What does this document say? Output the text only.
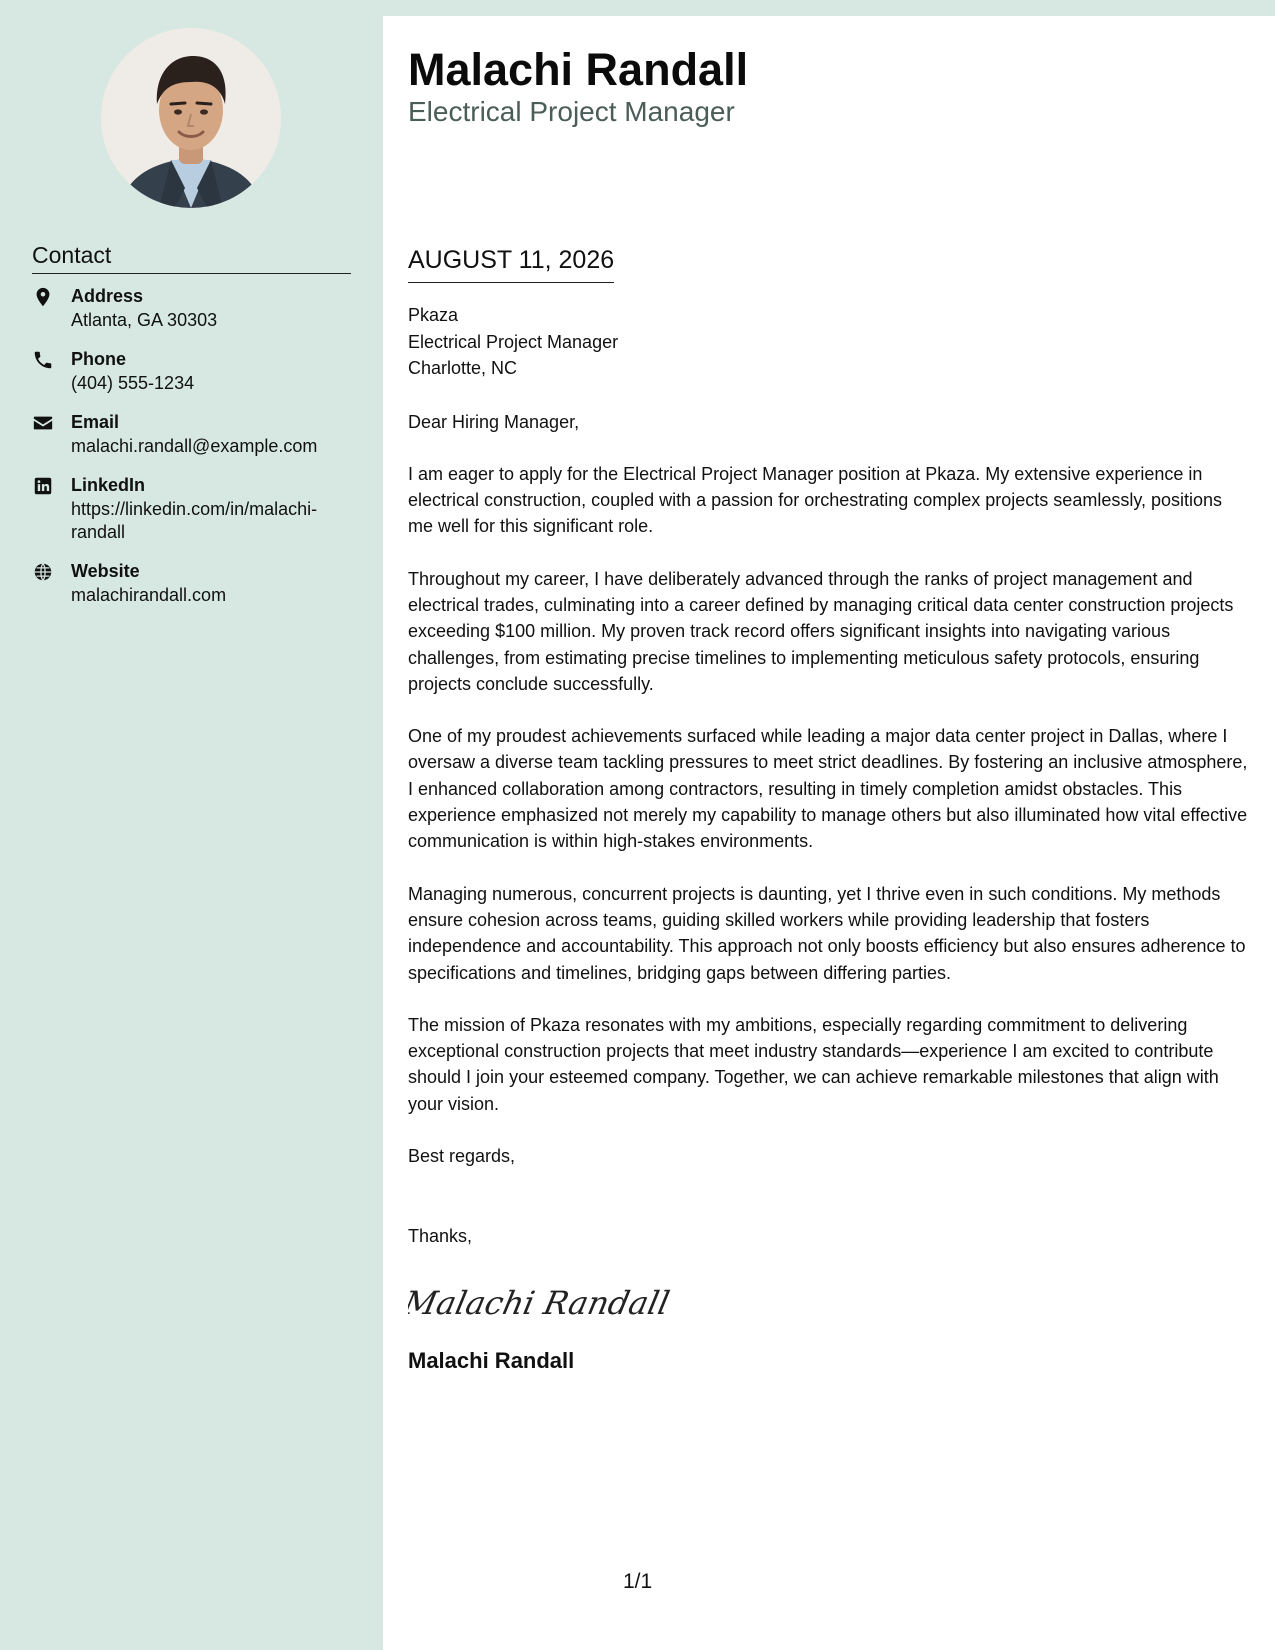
Contact
Address
Atlanta, GA 30303
Phone
(404) 555-1234
Email
malachi.randall@example.com
LinkedIn
https://linkedin.com/in/malachi-randall
Website
malachirandall.com
Malachi Randall
Electrical Project Manager
AUGUST 11, 2026
Pkaza
Electrical Project Manager
Charlotte, NC
Dear Hiring Manager,

I am eager to apply for the Electrical Project Manager position at Pkaza. My extensive experience in electrical construction, coupled with a passion for orchestrating complex projects seamlessly, positions me well for this significant role.

Throughout my career, I have deliberately advanced through the ranks of project management and electrical trades, culminating into a career defined by managing critical data center construction projects exceeding $100 million. My proven track record offers significant insights into navigating various challenges, from estimating precise timelines to implementing meticulous safety protocols, ensuring projects conclude successfully.

One of my proudest achievements surfaced while leading a major data center project in Dallas, where I oversaw a diverse team tackling pressures to meet strict deadlines. By fostering an inclusive atmosphere, I enhanced collaboration among contractors, resulting in timely completion amidst obstacles. This experience emphasized not merely my capability to manage others but also illuminated how vital effective communication is within high-stakes environments.

Managing numerous, concurrent projects is daunting, yet I thrive even in such conditions. My methods ensure cohesion across teams, guiding skilled workers while providing leadership that fosters independence and accountability. This approach not only boosts efficiency but also ensures adherence to specifications and timelines, bridging gaps between differing parties.

The mission of Pkaza resonates with my ambitions, especially regarding commitment to delivering exceptional construction projects that meet industry standards—experience I am excited to contribute should I join your esteemed company. Together, we can achieve remarkable milestones that align with your vision.

Best regards,
Thanks,
Malachi Randall
Malachi Randall
1/1
